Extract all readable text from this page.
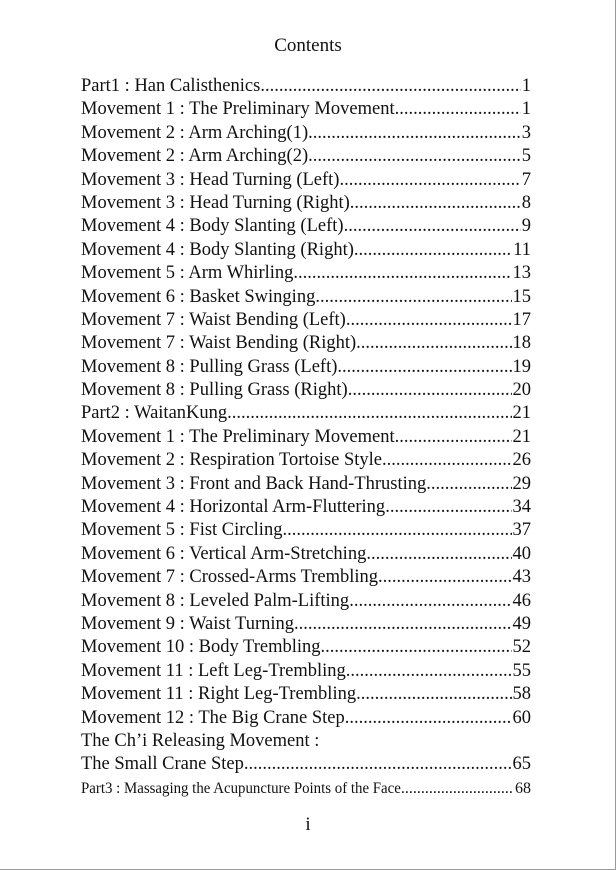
Contents
Part1 : Han Calisthenics .....	1
Movement 1 : The Preliminary Movement .....	1
Movement 2 : Arm Arching(1) .....	3
Movement 2 : Arm Arching(2) .....	5
Movement 3 : Head Turning (Left) .....	7
Movement 3 : Head Turning (Right) .....	8
Movement 4 : Body Slanting (Left) .....	9
Movement 4 : Body Slanting (Right) .....	11
Movement 5 : Arm Whirling .....	13
Movement 6 : Basket Swinging .....	15
Movement 7 : Waist Bending (Left) .....	17
Movement 7 : Waist Bending (Right) .....	18
Movement 8 : Pulling Grass (Left) .....	19
Movement 8 : Pulling Grass (Right) .....	20
Part2 : WaitanKung .....	21
Movement 1 : The Preliminary Movement .....	21
Movement 2 : Respiration Tortoise Style .....	26
Movement 3 : Front and Back Hand-Thrusting .....	29
Movement 4 : Horizontal Arm-Fluttering .....	34
Movement 5 : Fist Circling .....	37
Movement 6 : Vertical Arm-Stretching .....	40
Movement 7 : Crossed-Arms Trembling .....	43
Movement 8 : Leveled Palm-Lifting .....	46
Movement 9 : Waist Turning .....	49
Movement 10 : Body Trembling .....	52
Movement 11 : Left Leg-Trembling .....	55
Movement 11 : Right Leg-Trembling .....	58
Movement 12 : The Big Crane Step .....	60
The Ch’i Releasing Movement :
The Small Crane Step .....	65
Part3 : Massaging the Acupuncture Points of the Face .....	68
i
